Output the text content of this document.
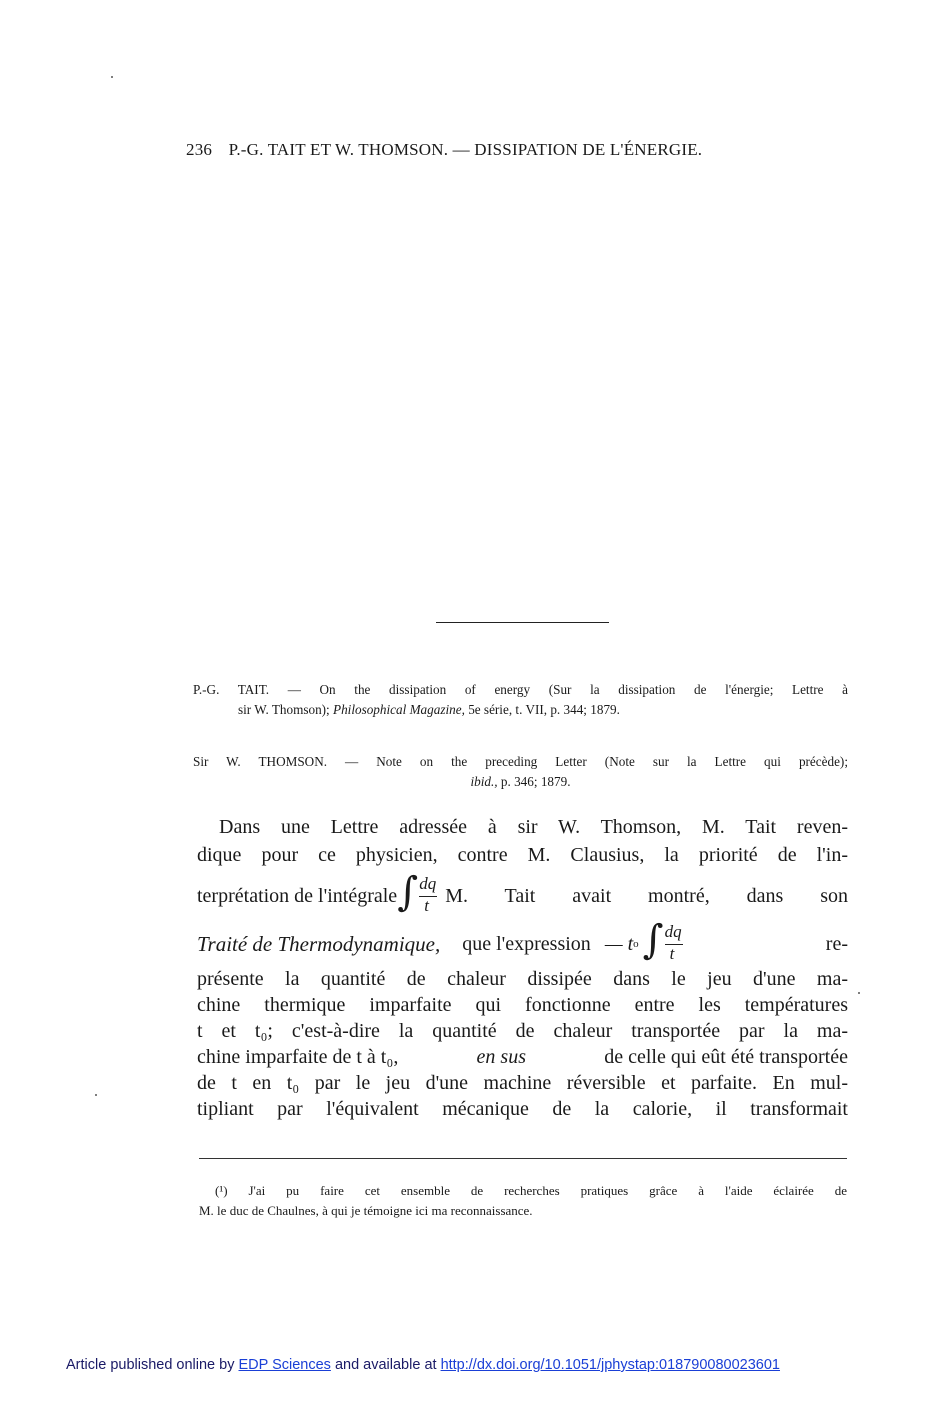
236 P.-G. TAIT ET W. THOMSON. — DISSIPATION DE L'ÉNERGIE.
P.-G. TAIT. — On the dissipation of energy (Sur la dissipation de l'énergie; Lettre à
sir W. Thomson); Philosophical Magazine, 5e série, t. VII, p. 344; 1879.
Sir W. THOMSON. — Note on the preceding Letter (Note sur la Lettre qui précède);
ibid., p. 346; 1879.
Dans une Lettre adressée à sir W. Thomson, M. Tait reven-
dique pour ce physicien, contre M. Clausius, la priorité de l'in-
terprétation de l'intégrale ∫ dq
t M. Tait avait montré, dans son
Traité de Thermodynamique, que l'expression — t o ∫ dq
t	re-
présente la quantité de chaleur dissipée dans le jeu d'une ma-
chine thermique imparfaite qui fonctionne entre les températures
t et t₀; c'est-à-dire la quantité de chaleur transportée par la ma-
chine imparfaite de t à t₀,	en sus	de celle qui eût été transportée
de t en t₀ par le jeu d'une machine réversible et parfaite. En mul-
tipliant par l'équivalent mécanique de la calorie, il transformait
(¹) J'ai pu faire cet ensemble de recherches pratiques grâce à l'aide éclairée de
M. le duc de Chaulnes, à qui je témoigne ici ma reconnaissance.
Article published online by EDP Sciences and available at http://dx.doi.org/10.1051/jphystap:018790080023601
